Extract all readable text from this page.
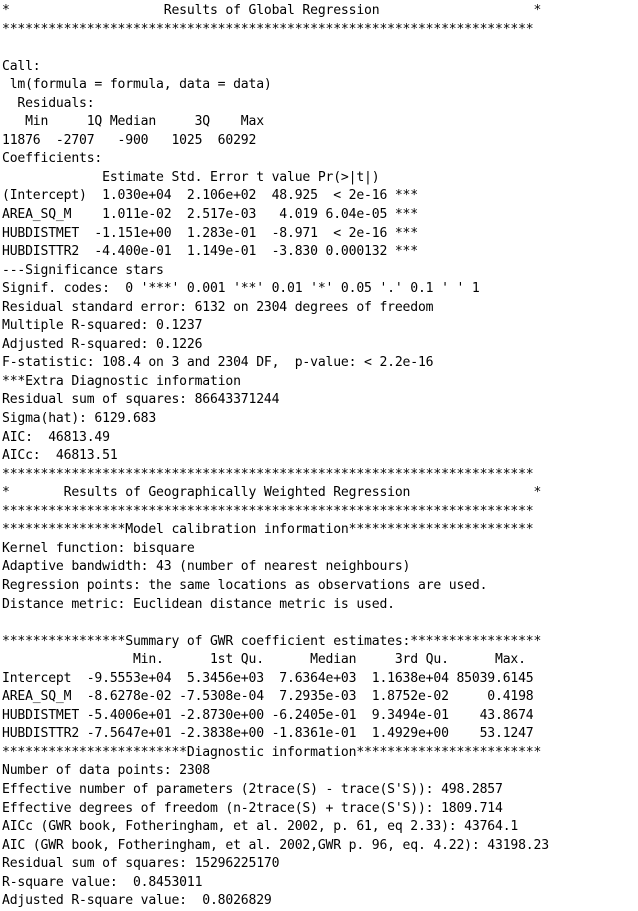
*                    Results of Global Regression                    *
*********************************************************************
Call:
lm(formula = formula, data = data)
Residuals:
Min     1Q Median     3Q    Max
11876  -2707   -900   1025  60292
Coefficients:
Estimate Std. Error t value Pr(>|t|)
(Intercept)  1.030e+04  2.106e+02  48.925  < 2e-16 ***
AREA_SQ_M    1.011e-02  2.517e-03   4.019 6.04e-05 ***
HUBDISTMET  -1.151e+00  1.283e-01  -8.971  < 2e-16 ***
HUBDISTTR2  -4.400e-01  1.149e-01  -3.830 0.000132 ***
---Significance stars
Signif. codes:  0 '***' 0.001 '**' 0.01 '*' 0.05 '.' 0.1 ' ' 1
Residual standard error: 6132 on 2304 degrees of freedom
Multiple R-squared: 0.1237
Adjusted R-squared: 0.1226
F-statistic: 108.4 on 3 and 2304 DF,  p-value: < 2.2e-16
***Extra Diagnostic information
Residual sum of squares: 86643371244
Sigma(hat): 6129.683
AIC:  46813.49
AICc:  46813.51
*********************************************************************
*       Results of Geographically Weighted Regression                *
*********************************************************************
****************Model calibration information************************
Kernel function: bisquare
Adaptive bandwidth: 43 (number of nearest neighbours)
Regression points: the same locations as observations are used.
Distance metric: Euclidean distance metric is used.
****************Summary of GWR coefficient estimates:*****************
Min.      1st Qu.      Median     3rd Qu.      Max.
Intercept  -9.5553e+04  5.3456e+03  7.6364e+03  1.1638e+04 85039.6145
AREA_SQ_M  -8.6278e-02 -7.5308e-04  7.2935e-03  1.8752e-02     0.4198
HUBDISTMET -5.4006e+01 -2.8730e+00 -6.2405e-01  9.3494e-01    43.8674
HUBDISTTR2 -7.5647e+01 -2.3838e+00 -1.8361e-01  1.4929e+00    53.1247
************************Diagnostic information************************
Number of data points: 2308
Effective number of parameters (2trace(S) - trace(S'S)): 498.2857
Effective degrees of freedom (n-2trace(S) + trace(S'S)): 1809.714
AICc (GWR book, Fotheringham, et al. 2002, p. 61, eq 2.33): 43764.1
AIC (GWR book, Fotheringham, et al. 2002,GWR p. 96, eq. 4.22): 43198.23
Residual sum of squares: 15296225170
R-square value:  0.8453011
Adjusted R-square value:  0.8026829
